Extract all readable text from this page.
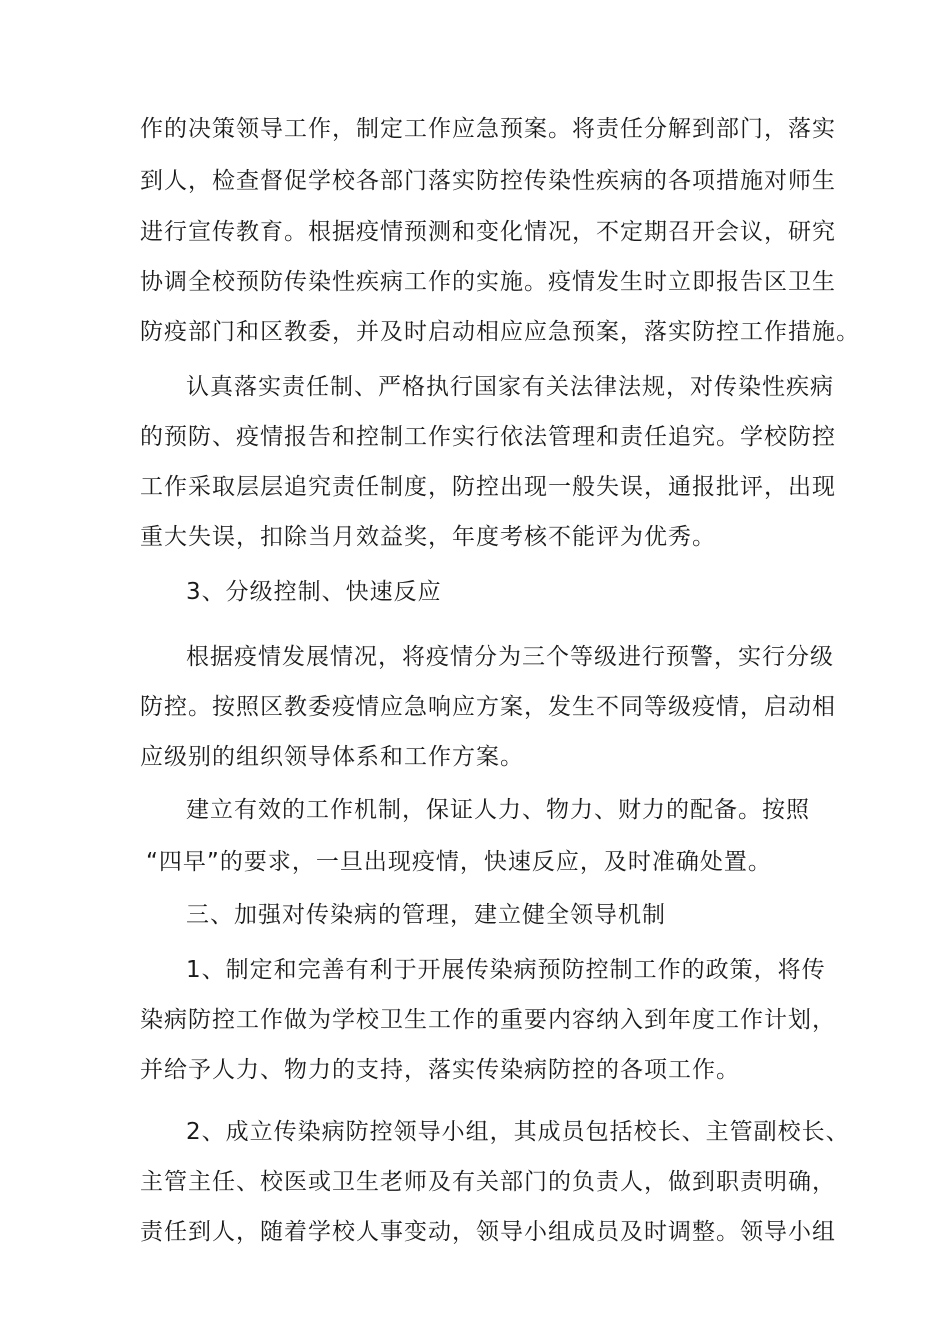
作的决策领导工作，制定工作应急预案。将责任分解到部门，落实
到人，检查督促学校各部门落实防控传染性疾病的各项措施对师生
进行宣传教育。根据疫情预测和变化情况，不定期召开会议，研究
协调全校预防传染性疾病工作的实施。疫情发生时立即报告区卫生
防疫部门和区教委，并及时启动相应应急预案，落实防控工作措施。
认真落实责任制、严格执行国家有关法律法规，对传染性疾病
的预防、疫情报告和控制工作实行依法管理和责任追究。学校防控
工作采取层层追究责任制度，防控出现一般失误，通报批评，出现
重大失误，扣除当月效益奖，年度考核不能评为优秀。
3、分级控制、快速反应
根据疫情发展情况，将疫情分为三个等级进行预警，实行分级
防控。按照区教委疫情应急响应方案，发生不同等级疫情，启动相
应级别的组织领导体系和工作方案。
建立有效的工作机制，保证人力、物力、财力的配备。按照
“四早”的要求，一旦出现疫情，快速反应，及时准确处置。
三、加强对传染病的管理，建立健全领导机制
1、制定和完善有利于开展传染病预防控制工作的政策，将传
染病防控工作做为学校卫生工作的重要内容纳入到年度工作计划，
并给予人力、物力的支持，落实传染病防控的各项工作。
2、成立传染病防控领导小组，其成员包括校长、主管副校长、
主管主任、校医或卫生老师及有关部门的负责人，做到职责明确，
责任到人，随着学校人事变动，领导小组成员及时调整。领导小组
